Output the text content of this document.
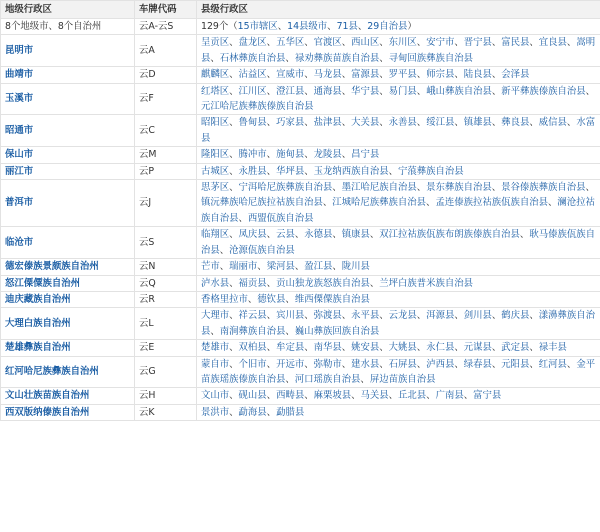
地级行政区	车牌代码	县级行政区
8个地级市、8个自治州	云A-云S	129个（15市辖区、14县级市、71县、29自治县）
昆明市	云A	呈贡区、盘龙区、五华区、官渡区、西山区、东川区、安宁市、晋宁县、富民县、宜良县、嵩明县、石林彝族自治县、禄劝彝族苗族自治县、寻甸回族彝族自治县
曲靖市	云D	麒麟区、沾益区、宣威市、马龙县、富源县、罗平县、师宗县、陆良县、会泽县
玉溪市	云F	红塔区、江川区、澄江县、通海县、华宁县、易门县、峨山彝族自治县、新平彝族傣族自治县、元江哈尼族彝族傣族自治县
昭通市	云C	昭阳区、鲁甸县、巧家县、盐津县、大关县、永善县、绥江县、镇雄县、彝良县、威信县、水富县
保山市	云M	隆阳区、腾冲市、施甸县、龙陵县、昌宁县
丽江市	云P	古城区、永胜县、华坪县、玉龙纳西族自治县、宁蒗彝族自治县
普洱市	云J	思茅区、宁洱哈尼族彝族自治县、墨江哈尼族自治县、景东彝族自治县、景谷傣族彝族自治县、镇沅彝族哈尼族拉祜族自治县、江城哈尼族彝族自治县、孟连傣族拉祜族佤族自治县、澜沧拉祜族自治县、西盟佤族自治县
临沧市	云S	临翔区、凤庆县、云县、永德县、镇康县、双江拉祜族佤族布朗族傣族自治县、耿马傣族佤族自治县、沧源佤族自治县
德宏傣族景颇族自治州	云N	芒市、瑞丽市、梁河县、盈江县、陇川县
怒江傈僳族自治州	云Q	泸水县、福贡县、贡山独龙族怒族自治县、兰坪白族普米族自治县
迪庆藏族自治州	云R	香格里拉市、德钦县、维西傈僳族自治县
大理白族自治州	云L	大理市、祥云县、宾川县、弥渡县、永平县、云龙县、洱源县、剑川县、鹤庆县、漾濞彝族自治县、南涧彝族自治县、巍山彝族回族自治县
楚雄彝族自治州	云E	楚雄市、双柏县、牟定县、南华县、姚安县、大姚县、永仁县、元谋县、武定县、禄丰县
红河哈尼族彝族自治州	云G	蒙自市、个旧市、开远市、弥勒市、建水县、石屏县、泸西县、绿春县、元阳县、红河县、金平苗族瑶族傣族自治县、河口瑶族自治县、屏边苗族自治县
文山壮族苗族自治州	云H	文山市、砚山县、西畴县、麻栗坡县、马关县、丘北县、广南县、富宁县
西双版纳傣族自治州	云K	景洪市、勐海县、勐腊县
